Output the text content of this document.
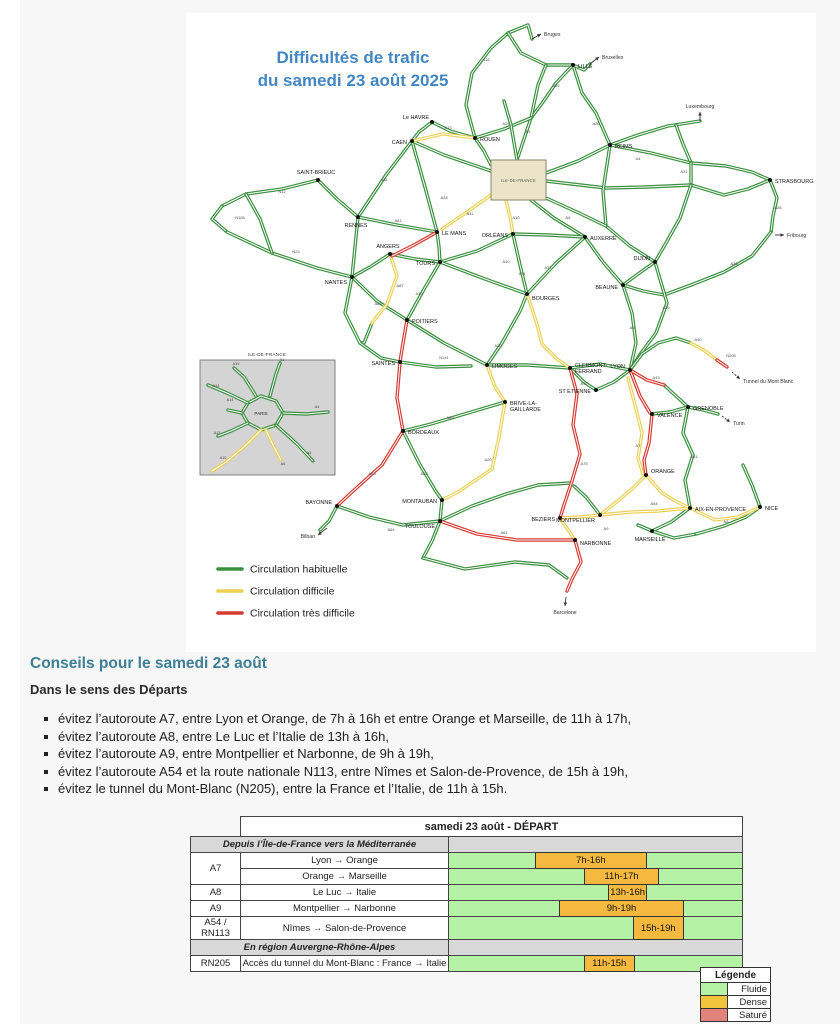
ILE-DE-FRANCE
PARIS
A13
A15
A1
A4
A5
A10
A6
A12
A14
ILE-DE-FRANCE
A16
A25
A1
A26
A29
A13
A28
A84
N12
N165
N24
A11
A81
A10	A6
A4
A31
A35
A36
A39
A77
A71
A20
A10
A83
A87
N141
A89
A72
A43
A40
N205
A7
A75
A9
A61
A62
A63
A64
A20
A8
A54
A51
A6
A10
Bruges
Bruxelles
Luxembourg
Fribourg
Tunnel du Mont Blanc
Turin
Bilbao
Barcelone
LILLE
Le HAVRE
CAEN	ROUEN
REIMS
STRASBOURG
SAINT-BRIEUC
RENNES
LE MANS	ORLÉANS	AUXERRE
ANGERS
TOURS
DIJON
BEAUNE
NANTES
BOURGES
POITIERS
SAINTES	LIMOGES	CLERMONT-FERRAND
LYON
ST ETIENNE
GRENOBLE
BRIVE-LA-GAILLARDE
VALENCE
BORDEAUX
ORANGE
MONTAUBAN
BAYONNE
TOULOUSE
BEZIERS MONTPELLIER
AIX-EN-PROVENCE
MARSEILLE
NARBONNE
NICE
Circulation habituelle
Circulation difficile
Circulation très difficile
Difficultés de trafic
du samedi 23 août 2025
Conseils pour le samedi 23 août
Dans le sens des Départs
évitez l’autoroute A7, entre Lyon et Orange, de 7h à 16h et entre Orange et Marseille, de 11h à 17h,
évitez l’autoroute A8, entre Le Luc et l’Italie de 13h à 16h,
évitez l’autoroute A9, entre Montpellier et Narbonne, de 9h à 19h,
évitez l’autoroute A54 et la route nationale N113, entre Nîmes et Salon-de-Provence, de 15h à 19h,
évitez le tunnel du Mont-Blanc (N205), entre la France et l’Italie, de 11h à 15h.
	samedi 23 août - DÉPART	
Depuis l’Île-de-France vers la Méditerranée		
A7	Lyon → Orange	7h-16h

	Orange → Marseille	11h-17h

A8	Le Luc → Italie	13h-16h

A9	Montpellier → Narbonne	9h-19h

A54 / RN113	Nîmes → Salon-de-Provence	15h-19h

En région Auvergne-Rhône-Alpes		
RN205	Accès du tunnel du Mont-Blanc : France → Italie	11h-15h
Légende	
	Fluide
	Dense
	Saturé
